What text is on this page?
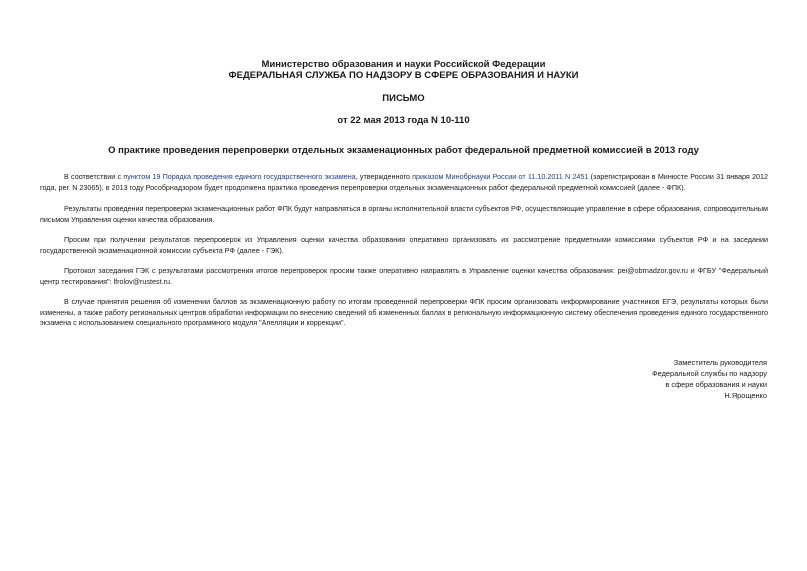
Министерство образования и науки Российской Федерации
ФЕДЕРАЛЬНАЯ СЛУЖБА ПО НАДЗОРУ В СФЕРЕ ОБРАЗОВАНИЯ И НАУКИ
ПИСЬМО
от 22 мая 2013 года N 10-110
О практике проведения перепроверки отдельных экзаменационных работ федеральной предметной комиссией в 2013 году

В соответствии с пунктом 19 Порядка проведения единого государственного экзамена, утвержденного приказом Минобрнауки России от 11.10.2011 N 2451 (зарегистрирован в Минюсте России 31 января 2012 года, рег. N 23065), в 2013 году Рособрнадзором будет продолжена практика проведения перепроверки отдельных экзаменационных работ федеральной предметной комиссией (далее - ФПК).

Результаты проведения перепроверки экзаменационных работ ФПК будут направляться в органы исполнительной власти субъектов РФ, осуществляющие управление в сфере образования, сопроводительным письмом Управления оценки качества образования.

Просим при получении результатов перепроверок из Управления оценки качества образования оперативно организовать их рассмотрение предметными комиссиями субъектов РФ и на заседании государственной экзаменационной комиссии субъекта РФ (далее - ГЭК).

Протокол заседания ГЭК с результатами рассмотрения итогов перепроверок просим также оперативно направлять в Управление оценки качества образования: pei@obrnadzor.gov.ru и ФГБУ "Федеральный центр тестирования": lfrolov@rustest.ru.

В случае принятия решения об изменении баллов за экзаменационную работу по итогам проведенной перепроверки ФПК просим организовать информирование участников ЕГЭ, результаты которых были изменены, а также работу региональных центров обработки информации по внесению сведений об измененных баллах в региональную информационную систему обеспечения проведения единого государственного экзамена с использованием специального программного модуля "Апелляции и коррекции".

Заместитель руководителя
Федеральной службы по надзору
в сфере образования и науки
Н.Ярощенко
